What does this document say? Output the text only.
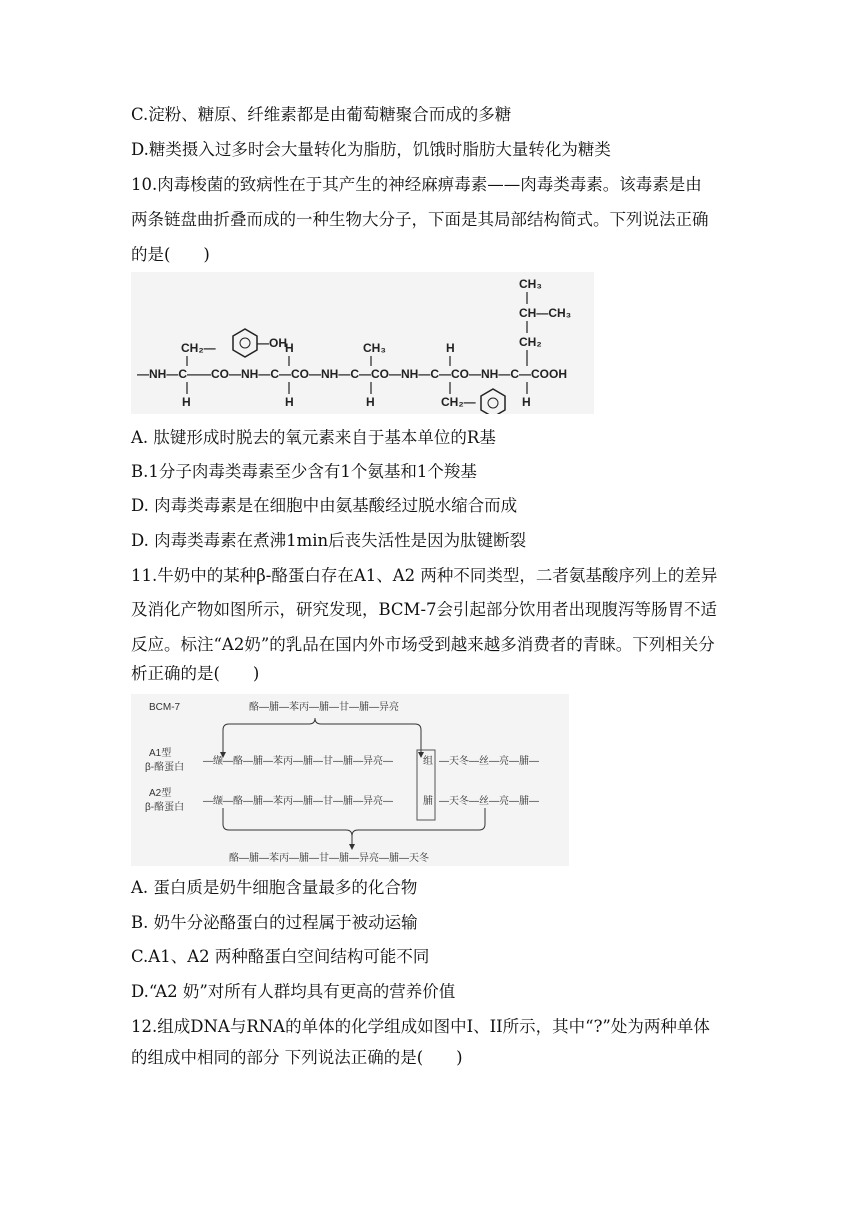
C.淀粉、糖原、纤维素都是由葡萄糖聚合而成的多糖
D.糖类摄入过多时会大量转化为脂肪，饥饿时脂肪大量转化为糖类
10.肉毒梭菌的致病性在于其产生的神经麻痹毒素——肉毒类毒素。该毒素是由
两条链盘曲折叠而成的一种生物大分子，下面是其局部结构简式。下列说法正确
的是(　　)
—NH—C——CO—NH—C—CO—NH—C—CO—NH—C—CO—NH—C—COOH
CH₂—	—OH
H
H
H
CH₃
H
H
CH₂—
CH₃
CH—CH₃
CH₂
H
A. 肽键形成时脱去的氧元素来自于基本单位的R基
B.1分子肉毒类毒素至少含有1个氨基和1个羧基
D. 肉毒类毒素是在细胞中由氨基酸经过脱水缩合而成
D. 肉毒类毒素在煮沸1min后丧失活性是因为肽键断裂
11.牛奶中的某种β-酪蛋白存在A1、A2 两种不同类型，二者氨基酸序列上的差异
及消化产物如图所示，研究发现，BCM-7会引起部分饮用者出现腹泻等肠胃不适
反应。标注“A2奶”的乳品在国内外市场受到越来越多消费者的青睐。下列相关分
析正确的是(　　)
BCM-7	酪—脯—苯丙—脯—甘—脯—异亮
A1型
β-酪蛋白
—缬—酪—脯—苯丙—脯—甘—脯—异亮—	组 —天冬—丝—亮—脯—
A2型
β-酪蛋白
—缬—酪—脯—苯丙—脯—甘—脯—异亮—	脯 —天冬—丝—亮—脯—
酪—脯—苯丙—脯—甘—脯—异亮—脯—天冬
A. 蛋白质是奶牛细胞含量最多的化合物
B. 奶牛分泌酪蛋白的过程属于被动运输
C.A1、A2 两种酪蛋白空间结构可能不同
D.“A2 奶”对所有人群均具有更高的营养价值
12.组成DNA与RNA的单体的化学组成如图中I、II所示，其中“?”处为两种单体
的组成中相同的部分 下列说法正确的是(　　)
